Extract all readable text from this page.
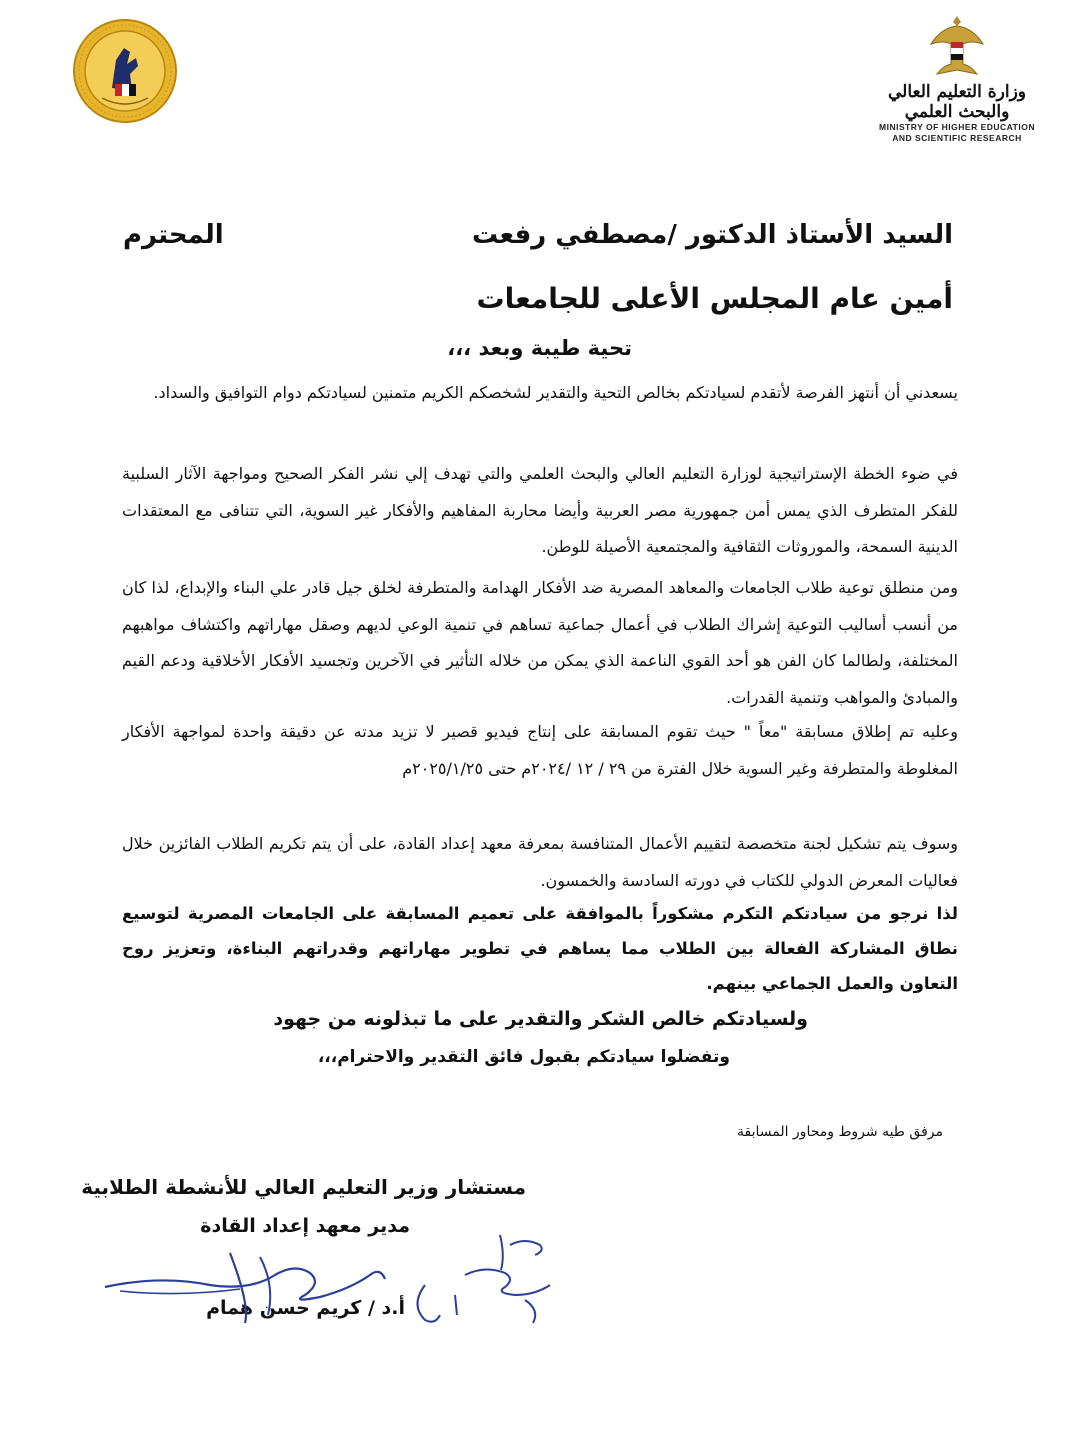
وزارة التعليم العالي والبحث العلمي
MINISTRY OF HIGHER EDUCATION
AND SCIENTIFIC RESEARCH
السيد الأستاذ الدكتور /مصطفي رفعت
المحترم
أمين عام المجلس الأعلى للجامعات
تحية طيبة وبعد ،،،
يسعدني أن أنتهز الفرصة لأتقدم لسيادتكم بخالص التحية والتقدير لشخصكم الكريم متمنين لسيادتكم دوام التوافيق والسداد.
في ضوء الخطة الإستراتيجية لوزارة التعليم العالي والبحث العلمي والتي تهدف إلي نشر الفكر الصحيح ومواجهة الآثار السلبية للفكر المتطرف الذي يمس أمن جمهورية مصر العربية وأيضا محاربة المفاهيم والأفكار غير السوية، التي تتنافى مع المعتقدات الدينية السمحة، والموروثات الثقافية والمجتمعية الأصيلة للوطن.
ومن منطلق توعية طلاب الجامعات والمعاهد المصرية ضد الأفكار الهدامة والمتطرفة لخلق جيل قادر علي البناء والإبداع، لذا كان من أنسب أساليب التوعية إشراك الطلاب في أعمال جماعية تساهم في تنمية الوعي لديهم وصقل مهاراتهم واكتشاف مواهبهم المختلفة، ولطالما كان الفن هو أحد القوي الناعمة الذي يمكن من خلاله التأثير في الآخرين وتجسيد الأفكار الأخلاقية ودعم القيم والمبادئ والمواهب وتنمية القدرات.
وعليه تم إطلاق مسابقة "معاً " حيث تقوم المسابقة على إنتاج فيديو قصير لا تزيد مدته عن دقيقة واحدة لمواجهة الأفكار المغلوطة والمتطرفة وغير السوية خلال الفترة من ٢٩ / ١٢ /٢٠٢٤م حتى ٢٠٢٥/١/٢٥م
وسوف يتم تشكيل لجنة متخصصة لتقييم الأعمال المتنافسة بمعرفة معهد إعداد القادة، على أن يتم تكريم الطلاب الفائزين خلال فعاليات المعرض الدولي للكتاب في دورته السادسة والخمسون.
لذا نرجو من سيادتكم التكرم مشكوراً بالموافقة على تعميم المسابقة على الجامعات المصرية لتوسيع نطاق المشاركة الفعالة بين الطلاب مما يساهم في تطوير مهاراتهم وقدراتهم البناءة، وتعزيز روح التعاون والعمل الجماعي بينهم.
ولسيادتكم خالص الشكر والتقدير على ما تبذلونه من جهود
وتفضلوا سيادتكم بقبول فائق التقدير والاحترام،،،
مرفق طيه شروط ومحاور المسابقة
مستشار وزير التعليم العالي للأنشطة الطلابية
مدير معهد إعداد القادة
أ.د / كريم حسن همام
